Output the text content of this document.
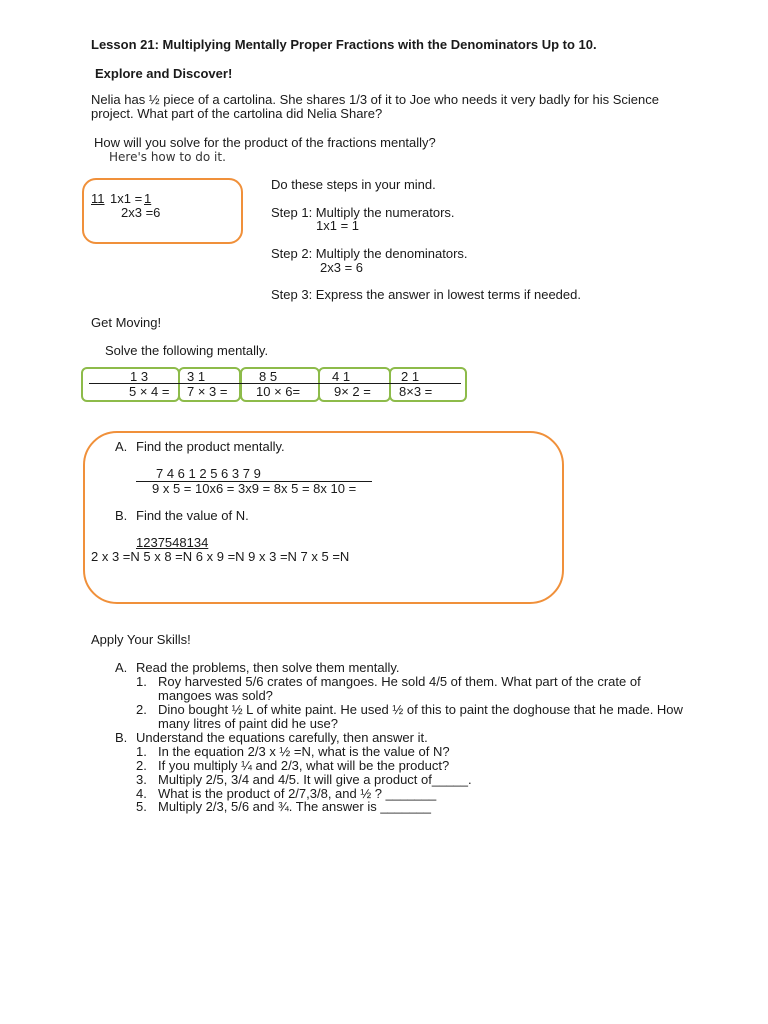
Lesson 21: Multiplying Mentally Proper Fractions with the Denominators Up to 10.
Explore and Discover!
Nelia has ½ piece of a cartolina. She shares 1/3 of it to Joe who needs it very badly for his Science
project. What part of the cartolina did Nelia Share?
How will you solve for the product of the fractions mentally?
Here's how to do it.
11 1x1 = 1
2x3 =6
Do these steps in your mind.
Step 1: Multiply the numerators.
1x1 = 1
Step 2: Multiply the denominators.
2x3 = 6
Step 3: Express the answer in lowest terms if needed.
Get Moving!
Solve the following mentally.
1 3
5 × 4 =
3 1
7 × 3 =
8 5
10 × 6=
4 1
9× 2 =
2 1
8×3 =
A. Find the product mentally.
7 4 6 1 2 5 6 3 7 9
9 x 5 = 10x6 = 3x9 = 8x 5 = 8x 10 =
B. Find the value of N.
1237548134
2 x 3 =N 5 x 8 =N 6 x 9 =N 9 x 3 =N 7 x 5 =N
Apply Your Skills!
A. Read the problems, then solve them mentally.
1. Roy harvested 5/6 crates of mangoes. He sold 4/5 of them. What part of the crate of
mangoes was sold?
2. Dino bought ½ L of white paint. He used ½ of this to paint the doghouse that he made. How
many litres of paint did he use?
B. Understand the equations carefully, then answer it.
1. In the equation 2/3 x ½ =N, what is the value of N?
2. If you multiply ¼ and 2/3, what will be the product?
3. Multiply 2/5, 3/4 and 4/5. It will give a product of_____.
4. What is the product of 2/7,3/8, and ½ ? _______
5. Multiply 2/3, 5/6 and ¾. The answer is _______
